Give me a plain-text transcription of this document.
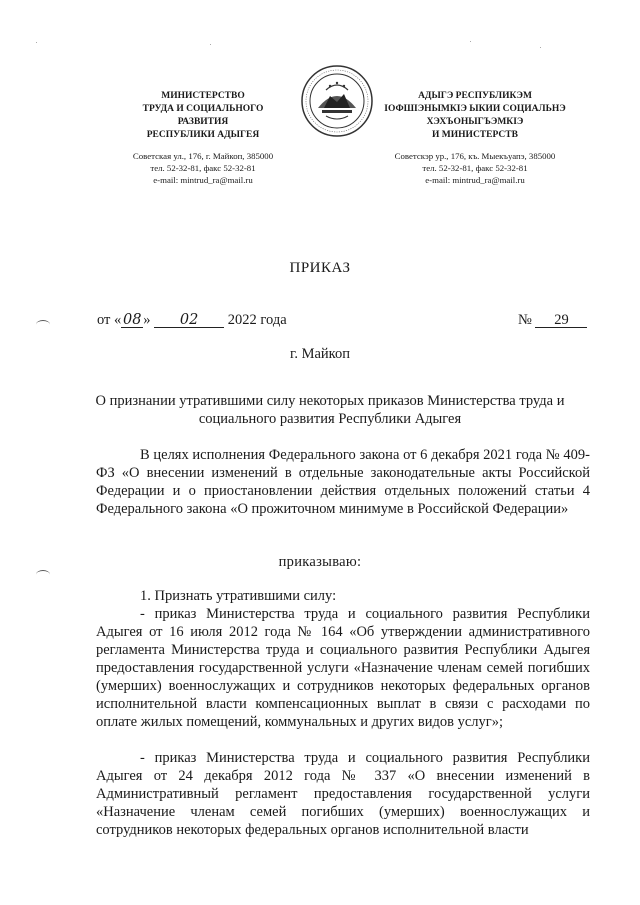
МИНИСТЕРСТВО
ТРУДА И СОЦИАЛЬНОГО
РАЗВИТИЯ
РЕСПУБЛИКИ АДЫГЕЯ
Советская ул., 176, г. Майкоп, 385000
тел. 52-32-81, факс 52-32-81
e-mail: mintrud_ra@mail.ru
АДЫГЭ РЕСПУБЛИКЭМ
ІОФШІЭНЫМКІЭ ЫКИИ СОЦИАЛЬНЭ
ХЭХЪОНЫГЪЭМКІЭ
И МИНИСТЕРСТВ
Советскэр ур., 176, къ. Мыекъуапэ, 385000
тел. 52-32-81, факс 52-32-81
e-mail: mintrud_ra@mail.ru
ПРИКАЗ
от « 08 » 02 2022 года	№ 29
г. Майкоп
О признании утратившими силу некоторых приказов Министерства труда и социального развития Республики Адыгея
В целях исполнения Федерального закона от 6 декабря 2021 года № 409-ФЗ «О внесении изменений в отдельные законодательные акты Российской Федерации и о приостановлении действия отдельных положений статьи 4 Федерального закона «О прожиточном минимуме в Российской Федерации»
приказываю:
1. Признать утратившими силу:
- приказ Министерства труда и социального развития Республики Адыгея от 16 июля 2012 года № 164 «Об утверждении административного регламента Министерства труда и социального развития Республики Адыгея предоставления государственной услуги «Назначение членам семей погибших (умерших) военнослужащих и сотрудников некоторых федеральных органов исполнительной власти компенсационных выплат в связи с расходами по оплате жилых помещений, коммунальных и других видов услуг»;
- приказ Министерства труда и социального развития Республики Адыгея от 24 декабря 2012 года № 337 «О внесении изменений в Административный регламент предоставления государственной услуги «Назначение членам семей погибших (умерших) военнослужащих и сотрудников некоторых федеральных органов исполнительной власти
